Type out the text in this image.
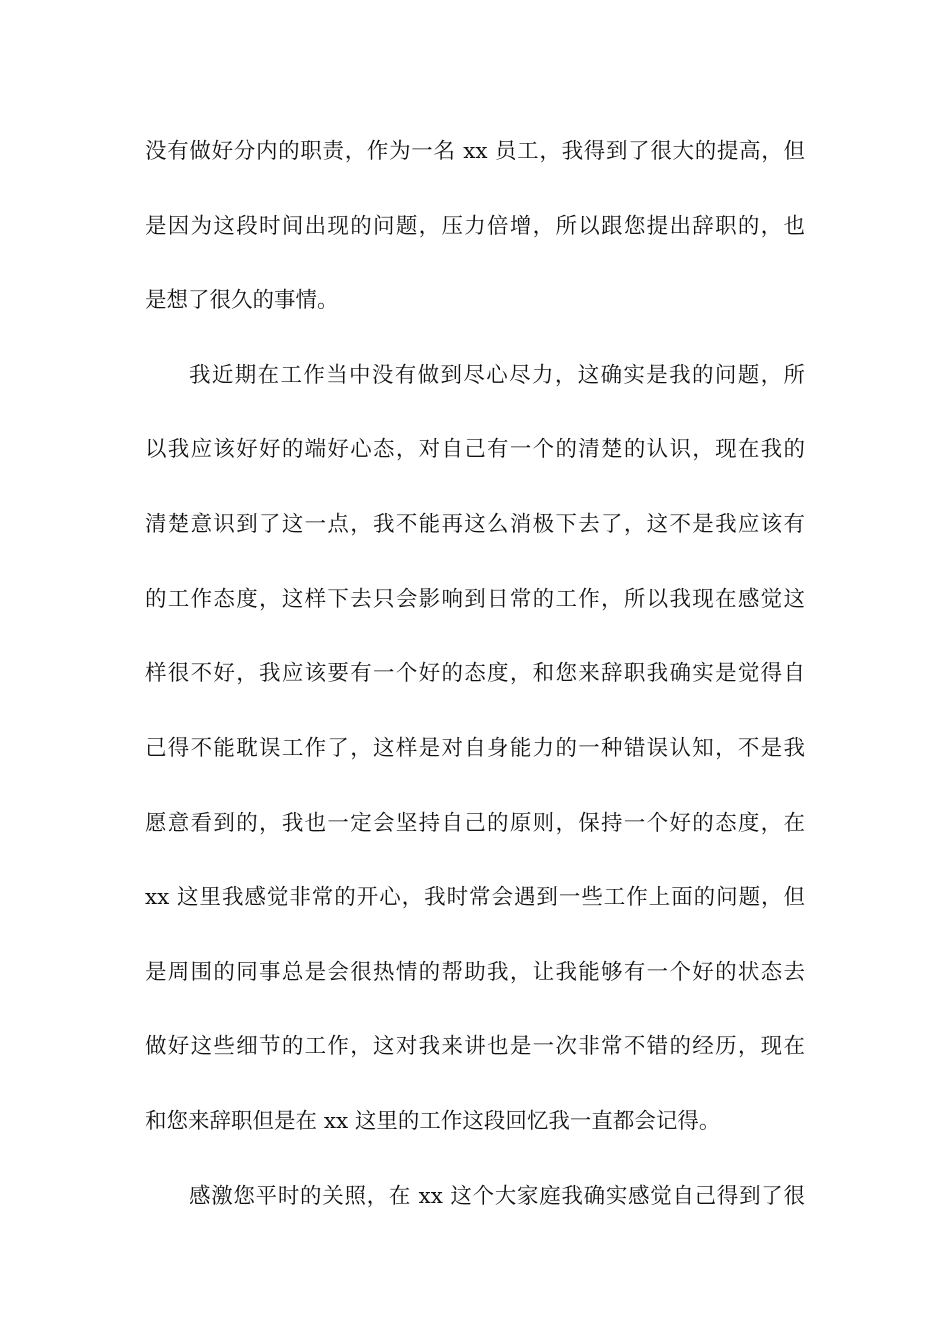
没有做好分内的职责，作为一名 xx 员工，我得到了很大的提高，但
是因为这段时间出现的问题，压力倍增，所以跟您提出辞职的，也
是想了很久的事情。
我近期在工作当中没有做到尽心尽力，这确实是我的问题，所
以我应该好好的端好心态，对自己有一个的清楚的认识，现在我的
清楚意识到了这一点，我不能再这么消极下去了，这不是我应该有
的工作态度，这样下去只会影响到日常的工作，所以我现在感觉这
样很不好，我应该要有一个好的态度，和您来辞职我确实是觉得自
己得不能耽误工作了，这样是对自身能力的一种错误认知，不是我
愿意看到的，我也一定会坚持自己的原则，保持一个好的态度，在
xx 这里我感觉非常的开心，我时常会遇到一些工作上面的问题，但
是周围的同事总是会很热情的帮助我，让我能够有一个好的状态去
做好这些细节的工作，这对我来讲也是一次非常不错的经历，现在
和您来辞职但是在 xx 这里的工作这段回忆我一直都会记得。
感激您平时的关照，在 xx 这个大家庭我确实感觉自己得到了很
